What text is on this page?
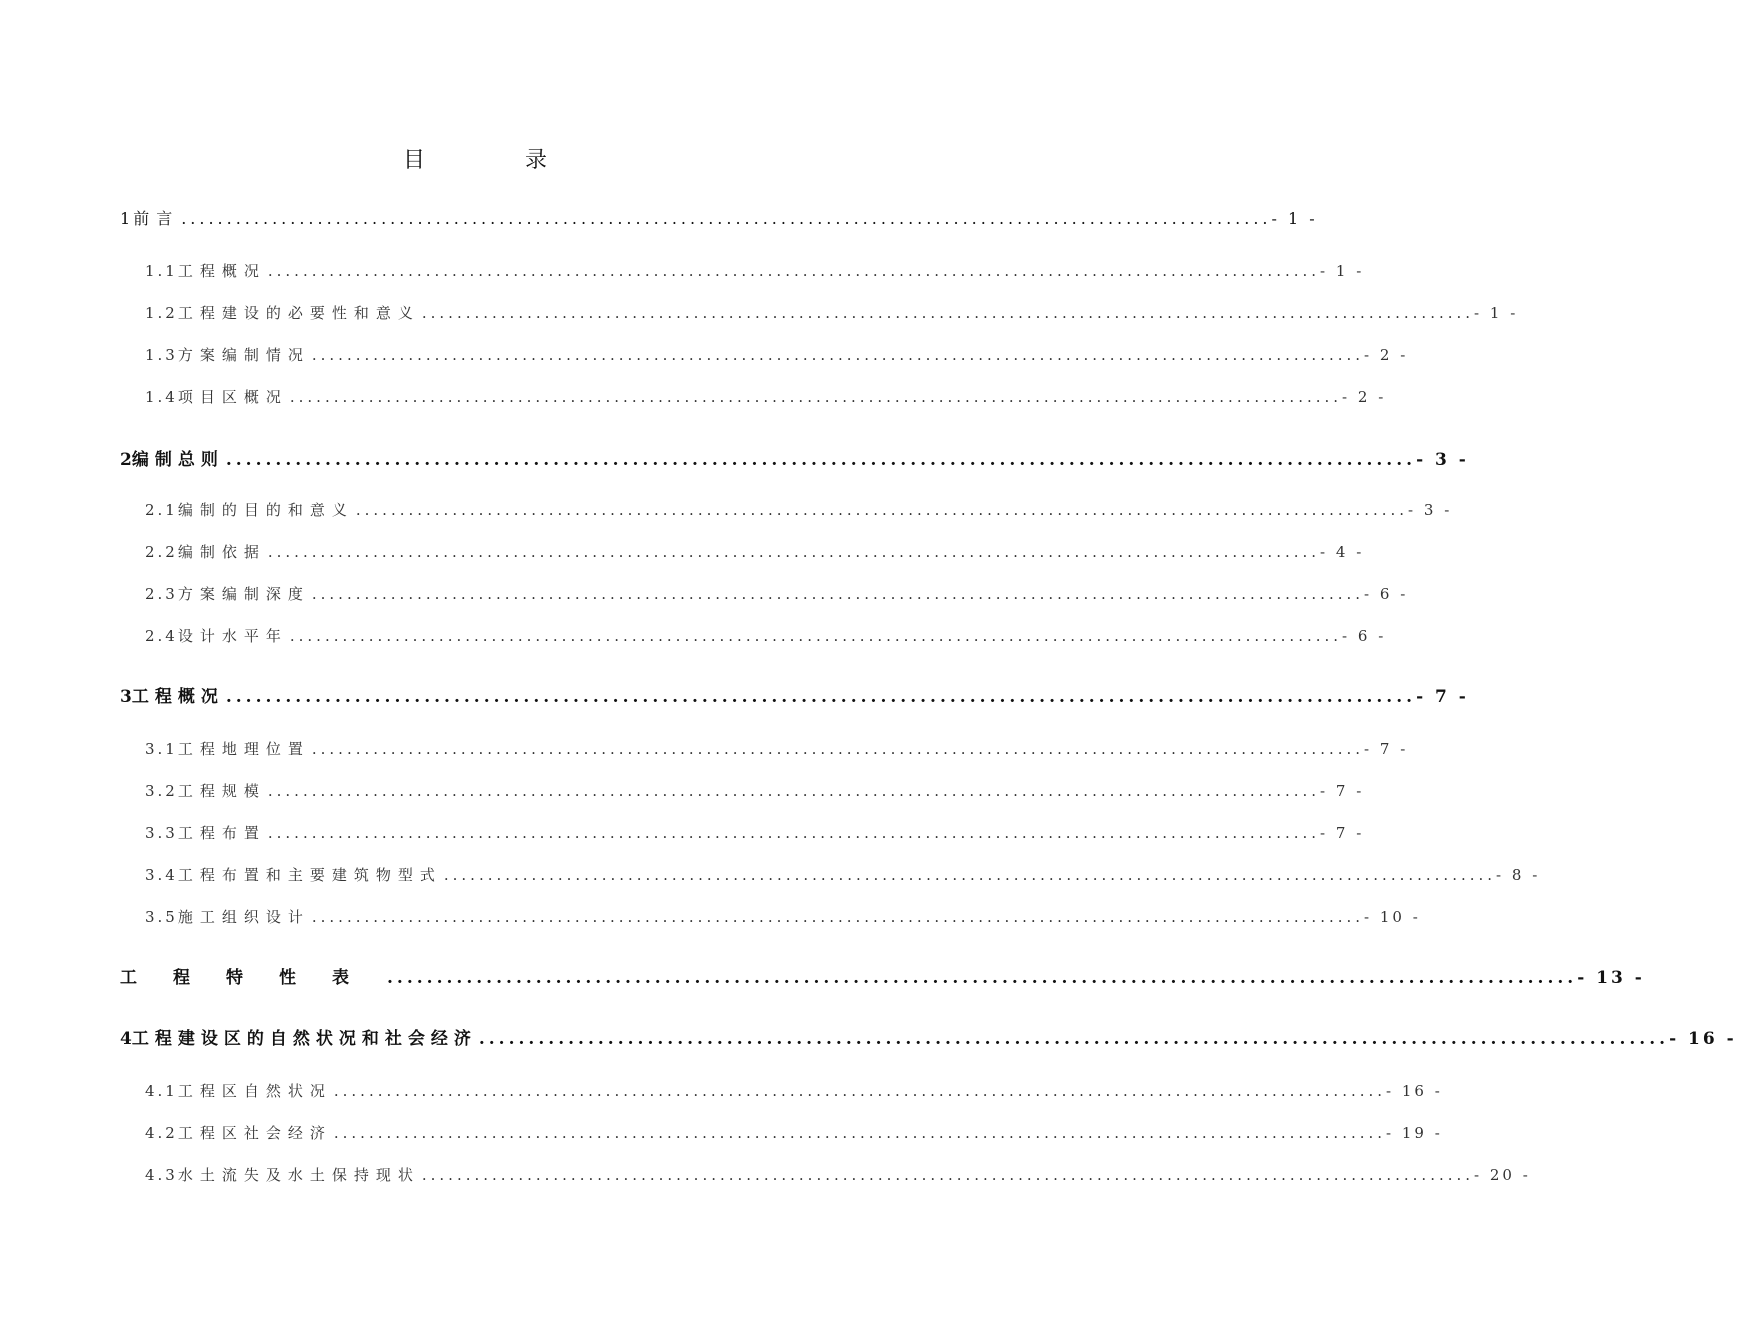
目	录
1 前言 ........................................................................................................................ - 1 -
1.1 工程概况 ........................................................................................................................ - 1 -
1.2 工程建设的必要性和意义 ........................................................................................................................ - 1 -
1.3 方案编制情况 ........................................................................................................................ - 2 -
1.4 项目区概况 ........................................................................................................................ - 2 -
2 编制总则 ........................................................................................................................ - 3 -
2.1 编制的目的和意义 ........................................................................................................................ - 3 -
2.2 编制依据 ........................................................................................................................ - 4 -
2.3 方案编制深度 ........................................................................................................................ - 6 -
2.4 设计水平年 ........................................................................................................................ - 6 -
3 工程概况 ........................................................................................................................ - 7 -
3.1 工程地理位置 ........................................................................................................................ - 7 -
3.2 工程规模 ........................................................................................................................ - 7 -
3.3 工程布置 ........................................................................................................................ - 7 -
3.4 工程布置和主要建筑物型式 ........................................................................................................................ - 8 -
3.5 施工组织设计 ........................................................................................................................ - 10 -
工程特性表 ........................................................................................................................ - 13 -
4 工程建设区的自然状况和社会经济 ........................................................................................................................ - 16 -
4.1 工程区自然状况 ........................................................................................................................ - 16 -
4.2 工程区社会经济 ........................................................................................................................ - 19 -
4.3 水土流失及水土保持现状 ........................................................................................................................ - 20 -
